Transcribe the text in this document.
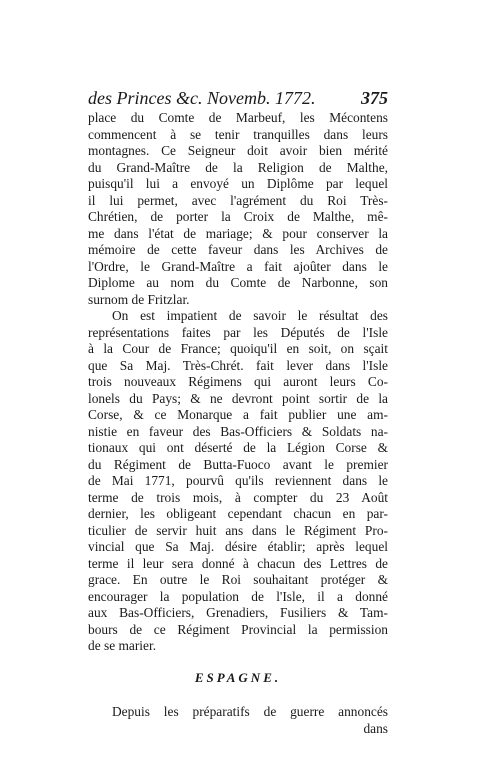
des Princes &c. Novemb. 1772.	375
place du Comte de Marbeuf, les Mécontens
commencent à se tenir tranquilles dans leurs
montagnes. Ce Seigneur doit avoir bien mérité
du Grand-Maître de la Religion de Malthe,
puisqu'il lui a envoyé un Diplôme par lequel
il lui permet, avec l'agrément du Roi Très-
Chrétien, de porter la Croix de Malthe, mê-
me dans l'état de mariage; & pour conserver la
mémoire de cette faveur dans les Archives de
l'Ordre, le Grand-Maître a fait ajoûter dans le
Diplome au nom du Comte de Narbonne, son
surnom de Fritzlar.
On est impatient de savoir le résultat des
représentations faites par les Députés de l'Isle
à la Cour de France; quoiqu'il en soit, on sçait
que Sa Maj. Très-Chrét. fait lever dans l'Isle
trois nouveaux Régimens qui auront leurs Co-
lonels du Pays; & ne devront point sortir de la
Corse, & ce Monarque a fait publier une am-
nistie en faveur des Bas-Officiers & Soldats na-
tionaux qui ont déserté de la Légion Corse &
du Régiment de Butta-Fuoco avant le premier
de Mai 1771, pourvû qu'ils reviennent dans le
terme de trois mois, à compter du 23 Août
dernier, les obligeant cependant chacun en par-
ticulier de servir huit ans dans le Régiment Pro-
vincial que Sa Maj. désire établir; après lequel
terme il leur sera donné à chacun des Lettres de
grace. En outre le Roi souhaitant protéger &
encourager la population de l'Isle, il a donné
aux Bas-Officiers, Grenadiers, Fusiliers & Tam-
bours de ce Régiment Provincial la permission
de se marier.
ESPAGNE.
Depuis les préparatifs de guerre annoncés
dans
